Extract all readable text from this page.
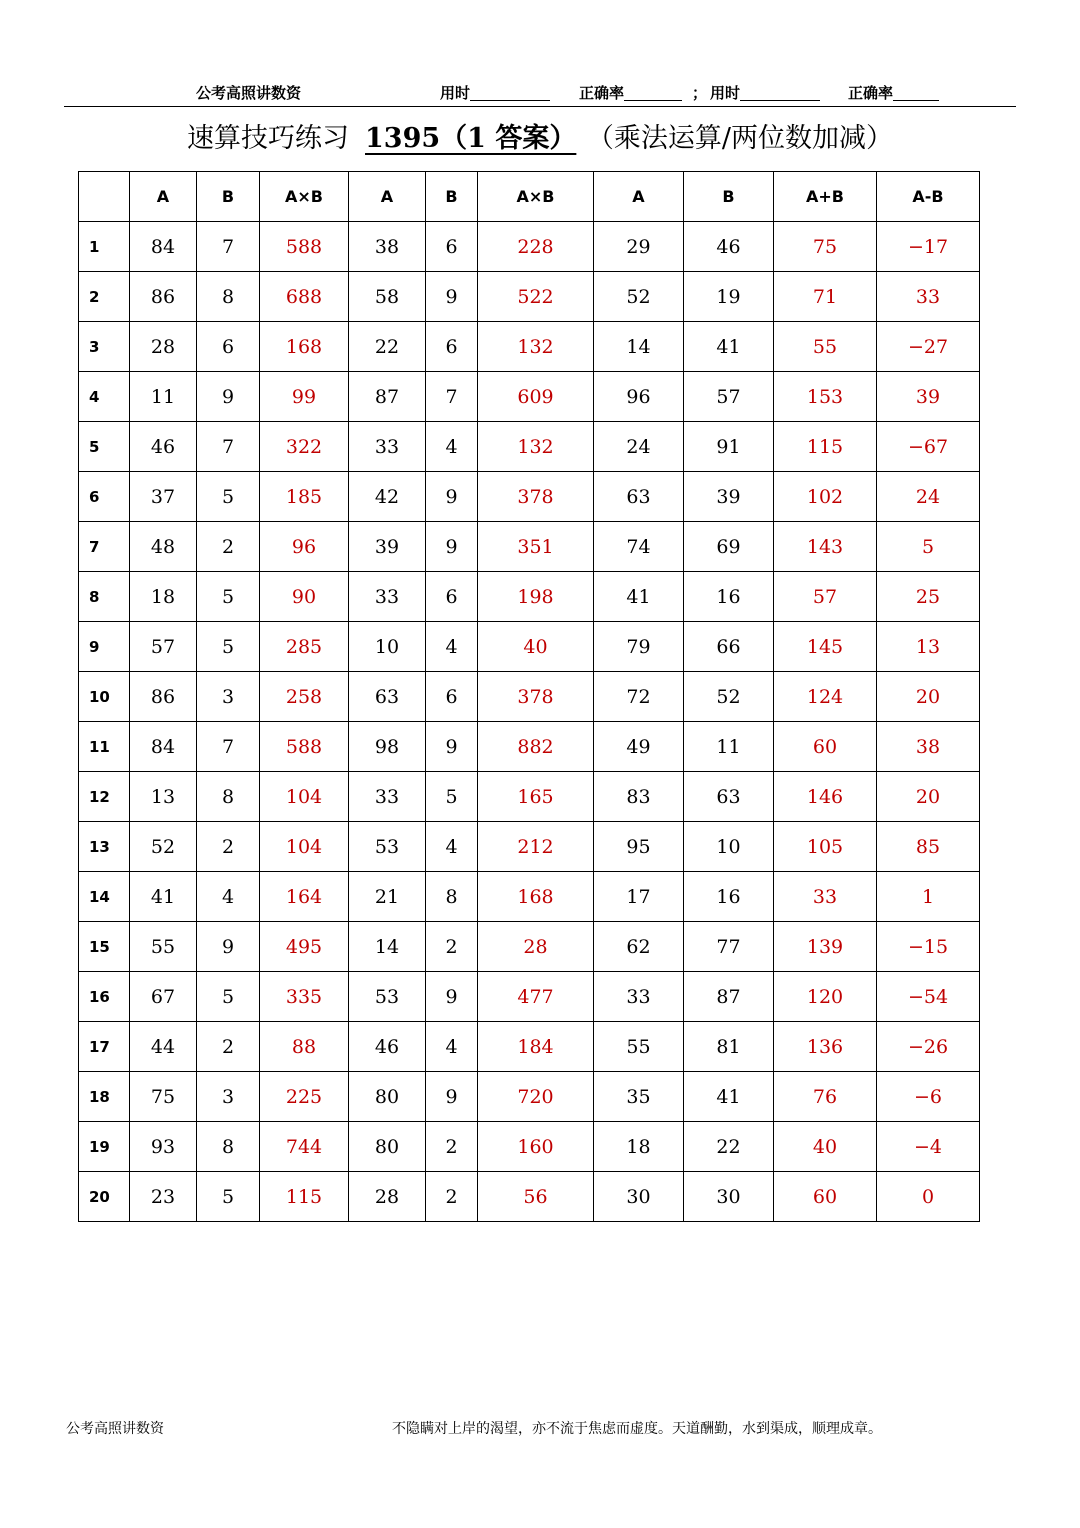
公考高照讲数资	用时	正确率	； 用时	正确率
速算技巧练习 1395（1 答案） （乘法运算/两位数加减）
	A	B	A×B	A	B	A×B	A	B	A+B	A-B
1	84	7	588	38	6	228	29	46	75	−17
2	86	8	688	58	9	522	52	19	71	33
3	28	6	168	22	6	132	14	41	55	−27
4	11	9	99	87	7	609	96	57	153	39
5	46	7	322	33	4	132	24	91	115	−67
6	37	5	185	42	9	378	63	39	102	24
7	48	2	96	39	9	351	74	69	143	5
8	18	5	90	33	6	198	41	16	57	25
9	57	5	285	10	4	40	79	66	145	13
10	86	3	258	63	6	378	72	52	124	20
11	84	7	588	98	9	882	49	11	60	38
12	13	8	104	33	5	165	83	63	146	20
13	52	2	104	53	4	212	95	10	105	85
14	41	4	164	21	8	168	17	16	33	1
15	55	9	495	14	2	28	62	77	139	−15
16	67	5	335	53	9	477	33	87	120	−54
17	44	2	88	46	4	184	55	81	136	−26
18	75	3	225	80	9	720	35	41	76	−6
19	93	8	744	80	2	160	18	22	40	−4
20	23	5	115	28	2	56	30	30	60	0
公考高照讲数资	不隐瞒对上岸的渴望，亦不流于焦虑而虚度。天道酬勤，水到渠成，顺理成章。
